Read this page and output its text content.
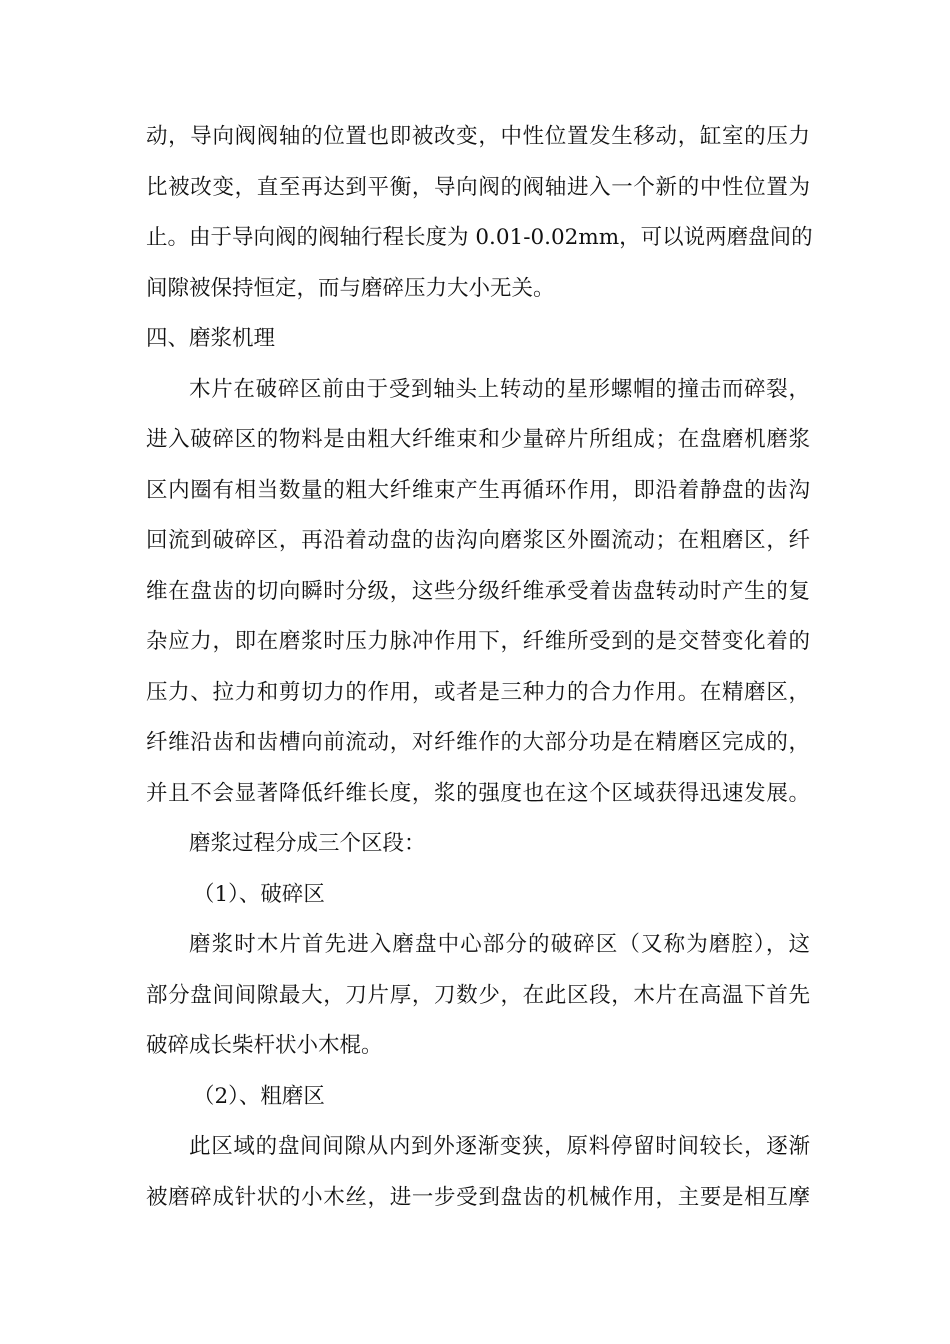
动，导向阀阀轴的位置也即被改变，中性位置发生移动，缸室的压力
比被改变，直至再达到平衡，导向阀的阀轴进入一个新的中性位置为
止。由于导向阀的阀轴行程长度为 0.01-0.02mm，可以说两磨盘间的
间隙被保持恒定，而与磨碎压力大小无关。
四、磨浆机理
木片在破碎区前由于受到轴头上转动的星形螺帽的撞击而碎裂，
进入破碎区的物料是由粗大纤维束和少量碎片所组成；在盘磨机磨浆
区内圈有相当数量的粗大纤维束产生再循环作用，即沿着静盘的齿沟
回流到破碎区，再沿着动盘的齿沟向磨浆区外圈流动；在粗磨区，纤
维在盘齿的切向瞬时分级，这些分级纤维承受着齿盘转动时产生的复
杂应力，即在磨浆时压力脉冲作用下，纤维所受到的是交替变化着的
压力、拉力和剪切力的作用，或者是三种力的合力作用。在精磨区，
纤维沿齿和齿槽向前流动，对纤维作的大部分功是在精磨区完成的，
并且不会显著降低纤维长度，浆的强度也在这个区域获得迅速发展。
磨浆过程分成三个区段：
（1）、破碎区
磨浆时木片首先进入磨盘中心部分的破碎区（又称为磨腔），这
部分盘间间隙最大，刀片厚，刀数少，在此区段，木片在高温下首先
破碎成长柴杆状小木棍。
（2）、粗磨区
此区域的盘间间隙从内到外逐渐变狭，原料停留时间较长，逐渐
被磨碎成针状的小木丝，进一步受到盘齿的机械作用，主要是相互摩
